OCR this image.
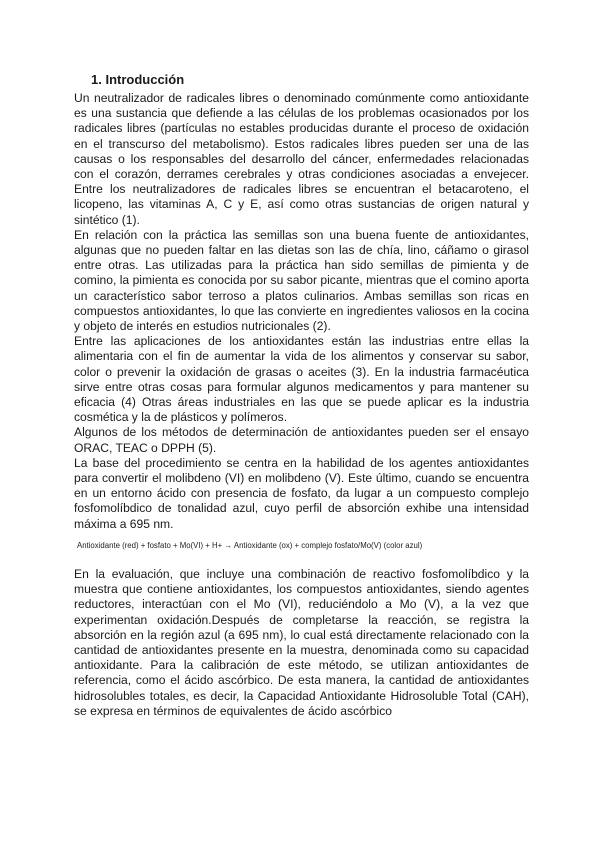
1. Introducción
Un neutralizador de radicales libres o denominado comúnmente como antioxidante es una sustancia que defiende a las células de los problemas ocasionados por los radicales libres (partículas no estables producidas durante el proceso de oxidación en el transcurso del metabolismo). Estos radicales libres pueden ser una de las causas o los responsables del desarrollo del cáncer, enfermedades relacionadas con el corazón, derrames cerebrales y otras condiciones asociadas a envejecer. Entre los neutralizadores de radicales libres se encuentran el betacaroteno, el licopeno, las vitaminas A, C y E, así como otras sustancias de origen natural y sintético (1).
En relación con la práctica las semillas son una buena fuente de antioxidantes, algunas que no pueden faltar en las dietas son las de chía, lino, cáñamo o girasol entre otras. Las utilizadas para la práctica han sido semillas de pimienta y de comino, la pimienta es conocida por su sabor picante, mientras que el comino aporta un característico sabor terroso a platos culinarios. Ambas semillas son ricas en compuestos antioxidantes, lo que las convierte en ingredientes valiosos en la cocina y objeto de interés en estudios nutricionales (2).
Entre las aplicaciones de los antioxidantes están las industrias entre ellas la alimentaria con el fin de aumentar la vida de los alimentos y conservar su sabor, color o prevenir la oxidación de grasas o aceites (3). En la industria farmacéutica sirve entre otras cosas para formular algunos medicamentos y para mantener su eficacia (4) Otras áreas industriales en las que se puede aplicar es la industria cosmética y la de plásticos y polímeros.
Algunos de los métodos de determinación de antioxidantes pueden ser el ensayo ORAC, TEAC o DPPH (5).
La base del procedimiento se centra en la habilidad de los agentes antioxidantes para convertir el molibdeno (VI) en molibdeno (V). Este último, cuando se encuentra en un entorno ácido con presencia de fosfato, da lugar a un compuesto complejo fosfomolíbdico de tonalidad azul, cuyo perfil de absorción exhibe una intensidad máxima a 695 nm.
Antioxidante (red) + fosfato + Mo(VI) + H+ → Antioxidante (ox) + complejo fosfato/Mo(V) (color azul)
En la evaluación, que incluye una combinación de reactivo fosfomolíbdico y la muestra que contiene antioxidantes, los compuestos antioxidantes, siendo agentes reductores, interactúan con el Mo (VI), reduciéndolo a Mo (V), a la vez que experimentan oxidación.Después de completarse la reacción, se registra la absorción en la región azul (a 695 nm), lo cual está directamente relacionado con la cantidad de antioxidantes presente en la muestra, denominada como su capacidad antioxidante. Para la calibración de este método, se utilizan antioxidantes de referencia, como el ácido ascórbico. De esta manera, la cantidad de antioxidantes hidrosolubles totales, es decir, la Capacidad Antioxidante Hidrosoluble Total (CAH), se expresa en términos de equivalentes de ácido ascórbico
